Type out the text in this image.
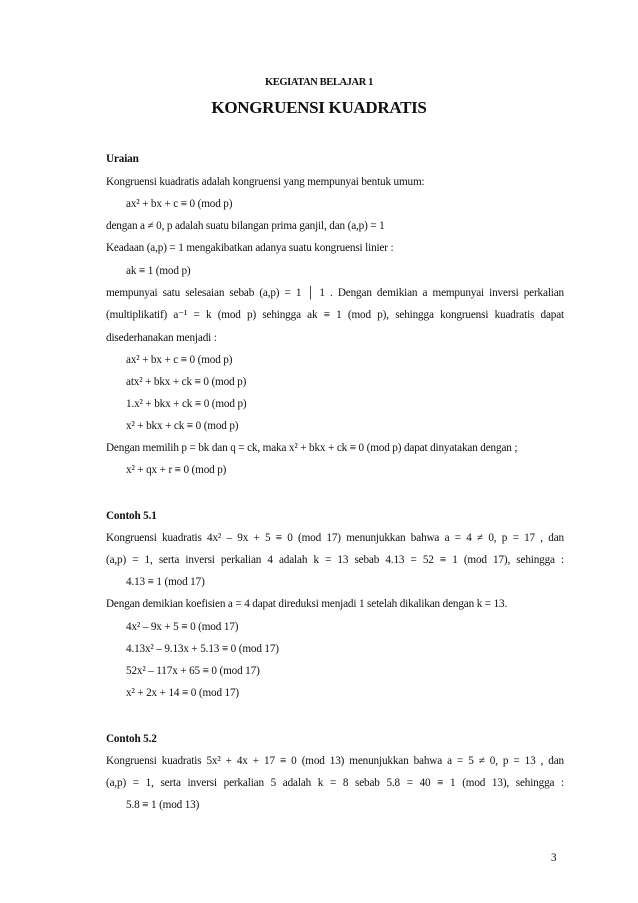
KEGIATAN BELAJAR 1
KONGRUENSI KUADRATIS
Uraian
Kongruensi kuadratis adalah kongruensi yang mempunyai bentuk umum:
ax² + bx + c ≡ 0 (mod p)
dengan a ≠ 0, p adalah suatu bilangan prima ganjil, dan (a,p) = 1
Keadaan (a,p) = 1 mengakibatkan adanya suatu kongruensi linier :
ak ≡ 1 (mod p)
mempunyai satu selesaian sebab (a,p) = 1 │ 1 . Dengan demikian a mempunyai inversi perkalian
(multiplikatif) a⁻¹ = k (mod p) sehingga ak ≡ 1 (mod p), sehingga kongruensi kuadratis dapat
disederhanakan menjadi :
ax² + bx + c ≡ 0 (mod p)
atx² + bkx + ck ≡ 0 (mod p)
1.x² + bkx + ck ≡ 0 (mod p)
x² + bkx + ck ≡ 0 (mod p)
Dengan memilih p = bk dan q = ck, maka x² + bkx + ck ≡ 0 (mod p) dapat dinyatakan dengan ;
x² + qx + r ≡ 0 (mod p)
Contoh 5.1
Kongruensi kuadratis 4x² – 9x + 5 ≡ 0 (mod 17) menunjukkan bahwa a = 4 ≠ 0, p = 17 , dan
(a,p) = 1, serta inversi perkalian 4 adalah k = 13 sebab 4.13 = 52 ≡ 1 (mod 17), sehingga :
4.13 ≡ 1 (mod 17)
Dengan demikian koefisien a = 4 dapat direduksi menjadi 1 setelah dikalikan dengan k = 13.
4x² – 9x + 5 ≡ 0 (mod 17)
4.13x² – 9.13x + 5.13 ≡ 0 (mod 17)
52x² – 117x + 65 ≡ 0 (mod 17)
x² + 2x + 14 ≡ 0 (mod 17)
Contoh 5.2
Kongruensi kuadratis 5x² + 4x + 17 ≡ 0 (mod 13) menunjukkan bahwa a = 5 ≠ 0, p = 13 , dan
(a,p) = 1, serta inversi perkalian 5 adalah k = 8 sebab 5.8 = 40 ≡ 1 (mod 13), sehingga :
5.8 ≡ 1 (mod 13)
3
